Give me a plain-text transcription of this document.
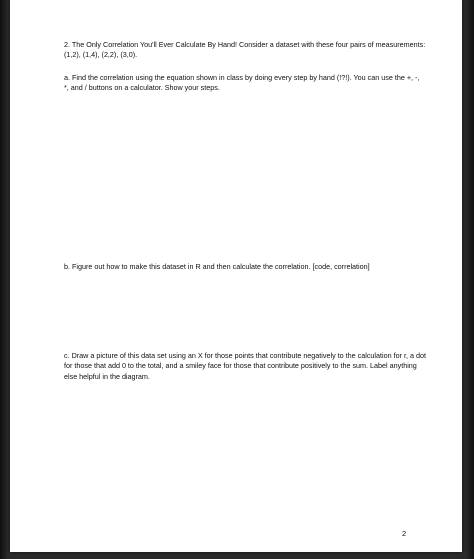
2. The Only Correlation You'll Ever Calculate By Hand! Consider a dataset with these four pairs of measurements: (1,2), (1,4), (2,2), (3,0).

a. Find the correlation using the equation shown in class by doing every step by hand (!?!). You can use the +, -, *, and / buttons on a calculator. Show your steps.

b. Figure out how to make this dataset in R and then calculate the correlation. [code, correlation]

c. Draw a picture of this data set using an X for those points that contribute negatively to the calculation for r, a dot for those that add 0 to the total, and a smiley face for those that contribute positively to the sum. Label anything else helpful in the diagram.

2
